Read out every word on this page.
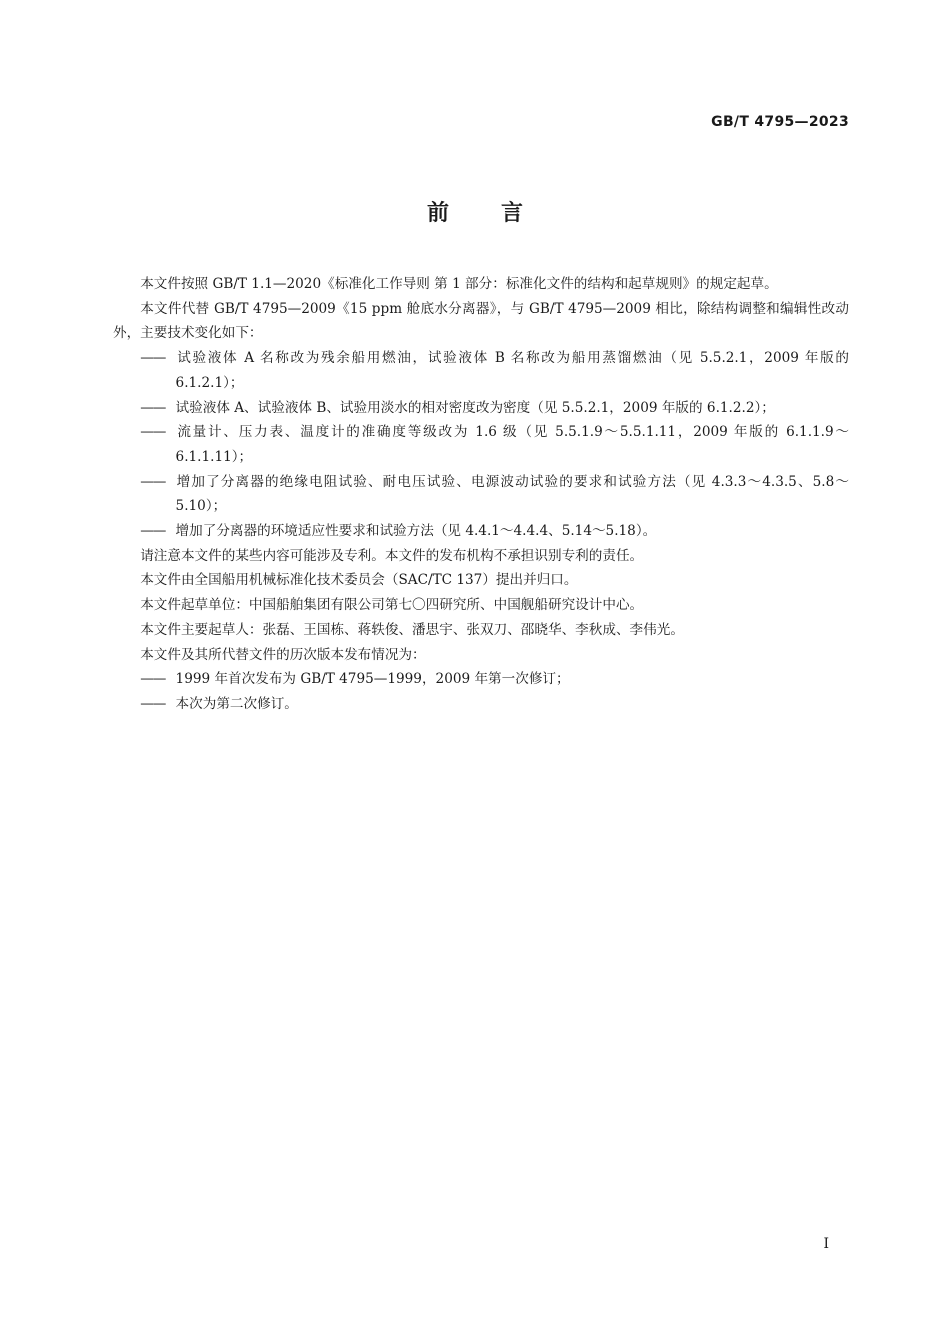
GB/T 4795—2023
前言

本文件按照 GB/T 1.1—2020《标准化工作导则 第 1 部分：标准化文件的结构和起草规则》的规定起草。

本文件代替 GB/T 4795—2009《15 ppm 舱底水分离器》，与 GB/T 4795—2009 相比，除结构调整和编辑性改动外，主要技术变化如下：

—— 试验液体 A 名称改为残余船用燃油，试验液体 B 名称改为船用蒸馏燃油（见 5.5.2.1，2009 年版的 6.1.2.1）；

—— 试验液体 A、试验液体 B、试验用淡水的相对密度改为密度（见 5.5.2.1，2009 年版的 6.1.2.2）；

—— 流量计、压力表、温度计的准确度等级改为 1.6 级（见 5.5.1.9～5.5.1.11，2009 年版的 6.1.1.9～6.1.1.11）；

—— 增加了分离器的绝缘电阻试验、耐电压试验、电源波动试验的要求和试验方法（见 4.3.3～4.3.5、5.8～5.10）；

—— 增加了分离器的环境适应性要求和试验方法（见 4.4.1～4.4.4、5.14～5.18）。

请注意本文件的某些内容可能涉及专利。本文件的发布机构不承担识别专利的责任。

本文件由全国船用机械标准化技术委员会（SAC/TC 137）提出并归口。

本文件起草单位：中国船舶集团有限公司第七〇四研究所、中国舰船研究设计中心。

本文件主要起草人：张磊、王国栋、蒋轶俊、潘思宇、张双刀、邵晓华、李秋成、李伟光。

本文件及其所代替文件的历次版本发布情况为：

—— 1999 年首次发布为 GB/T 4795—1999，2009 年第一次修订；

—— 本次为第二次修订。

I
